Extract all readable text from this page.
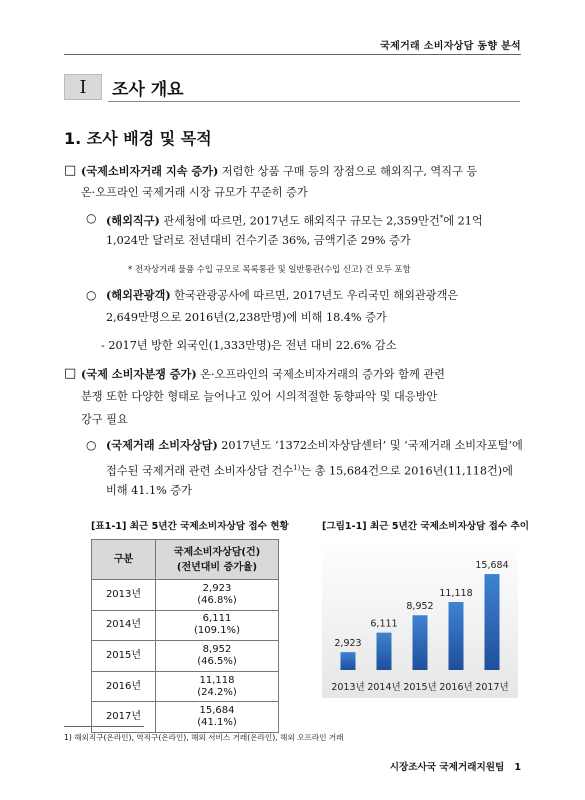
국제거래 소비자상담 동향 분석
Ⅰ	조사 개요
1. 조사 배경 및 목적
□ (국제소비자거래 지속 증가) 저렴한 상품 구매 등의 장점으로 해외직구, 역직구 등
온·오프라인 국제거래 시장 규모가 꾸준히 증가
○ (해외직구) 관세청에 따르면, 2017년도 해외직구 규모는 2,359만건*에 21억
1,024만 달러로 전년대비 건수기준 36%, 금액기준 29% 증가
* 전자상거래 물품 수입 규모로 목록통관 및 일반통관(수입 신고) 건 모두 포함
○ (해외관광객) 한국관광공사에 따르면, 2017년도 우리국민 해외관광객은
2,649만명으로 2016년(2,238만명)에 비해 18.4% 증가
- 2017년 방한 외국인(1,333만명)은 전년 대비 22.6% 감소
□ (국제 소비자분쟁 증가) 온·오프라인의 국제소비자거래의 증가와 함께 관련
분쟁 또한 다양한 형태로 늘어나고 있어 시의적절한 동향파악 및 대응방안
강구 필요
○ (국제거래 소비자상담) 2017년도 ‘1372소비자상담센터’ 및 ‘국제거래 소비자포털’에
접수된 국제거래 관련 소비자상담 건수$^{1)}$는 총 15,684건으로 2016년(11,118건)에
비해 41.1% 증가
[표1-1] 최근 5년간 국제소비자상담 접수 현황
구분	국제소비자상담(건)
(전년대비 증가율)
2013년	2,923
(46.8%)
2014년	6,111
(109.1%)
2015년	8,952
(46.5%)
2016년	11,118
(24.2%)
2017년	15,684
(41.1%)
[그림1-1] 최근 5년간 국제소비자상담 접수 추이
2,923
2013년
6,111
2014년
8,952
2015년
11,118
2016년
15,684
2017년
1) 해외직구(온라인), 역직구(온라인), 해외 서비스 거래(온라인), 해외 오프라인 거래
시장조사국 국제거래지원팀 1
